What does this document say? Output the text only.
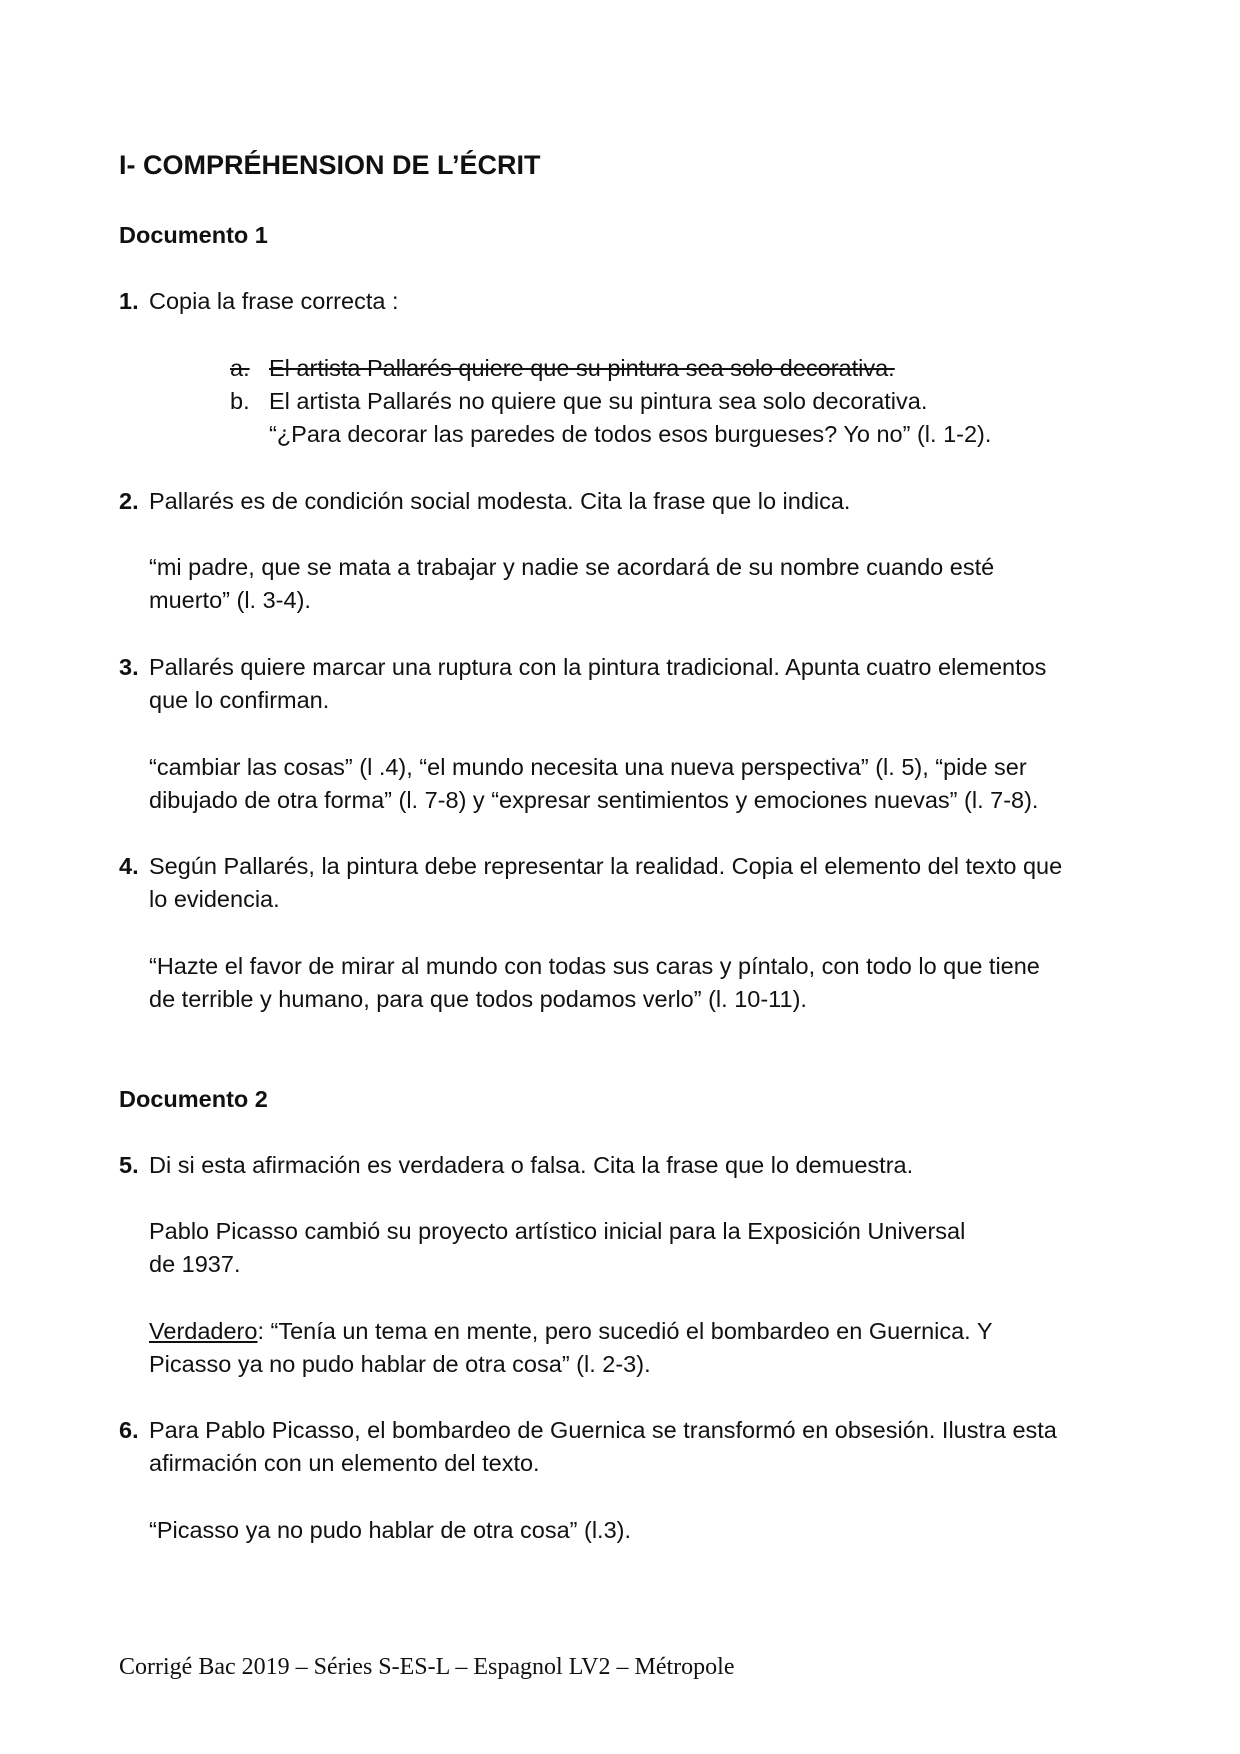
I- COMPRÉHENSION DE L’ÉCRIT
Documento 1
1. Copia la frase correcta :
a. El artista Pallarés quiere que su pintura sea solo decorativa.
b. El artista Pallarés no quiere que su pintura sea solo decorativa.
“¿Para decorar las paredes de todos esos burgueses? Yo no” (l. 1-2).
2. Pallarés es de condición social modesta. Cita la frase que lo indica.
“mi padre, que se mata a trabajar y nadie se acordará de su nombre cuando esté
muerto” (l. 3-4).
3. Pallarés quiere marcar una ruptura con la pintura tradicional. Apunta cuatro elementos
que lo confirman.
“cambiar las cosas” (l .4), “el mundo necesita una nueva perspectiva” (l. 5), “pide ser
dibujado de otra forma” (l. 7-8) y “expresar sentimientos y emociones nuevas” (l. 7-8).
4. Según Pallarés, la pintura debe representar la realidad. Copia el elemento del texto que
lo evidencia.
“Hazte el favor de mirar al mundo con todas sus caras y píntalo, con todo lo que tiene
de terrible y humano, para que todos podamos verlo” (l. 10-11).
Documento 2
5. Di si esta afirmación es verdadera o falsa. Cita la frase que lo demuestra.
Pablo Picasso cambió su proyecto artístico inicial para la Exposición Universal
de 1937.
Verdadero: “Tenía un tema en mente, pero sucedió el bombardeo en Guernica. Y
Picasso ya no pudo hablar de otra cosa” (l. 2-3).
6. Para Pablo Picasso, el bombardeo de Guernica se transformó en obsesión. Ilustra esta
afirmación con un elemento del texto.
“Picasso ya no pudo hablar de otra cosa” (l.3).
Corrigé Bac 2019 – Séries S-ES-L – Espagnol LV2 – Métropole
